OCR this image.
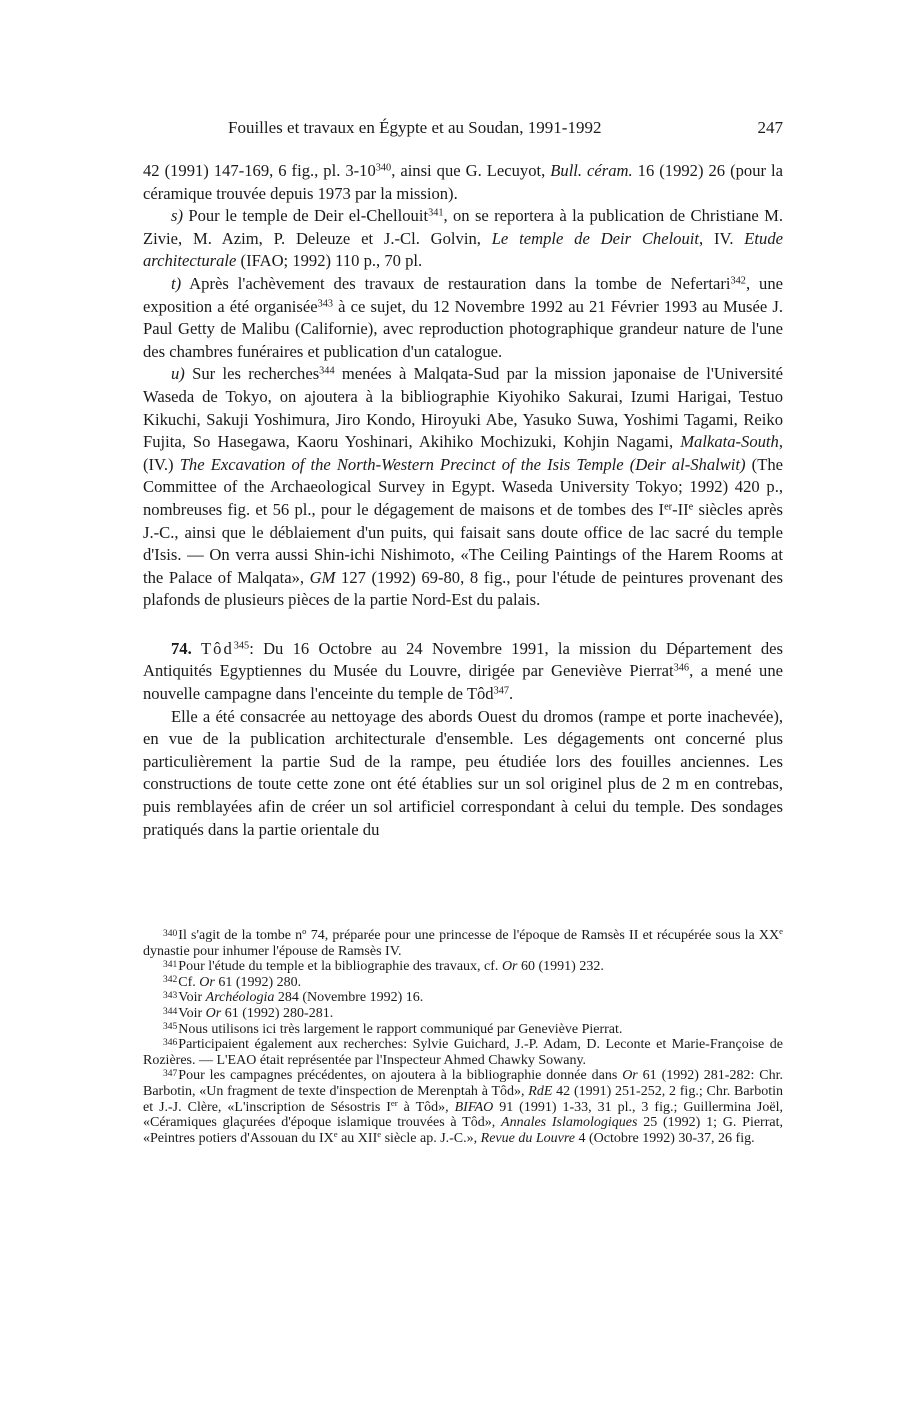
Fouilles et travaux en Égypte et au Soudan, 1991-1992	247

42 (1991) 147-169, 6 fig., pl. $3-10^{340}$, ainsi que G. Lecuyot, Bull. céram. 16 (1992) 26 (pour la céramique trouvée depuis 1973 par la mission).

s) Pour le temple de Deir el-Chellouit$^{341}$, on se reportera à la publication de Christiane M. Zivie, M. Azim, P. Deleuze et J.-Cl. Golvin, Le temple de Deir Chelouit, IV. Etude architecturale (IFAO; 1992) 110 p., 70 pl.

t) Après l'achèvement des travaux de restauration dans la tombe de Nefertari$^{342}$, une exposition a été organisée$^{343}$ à ce sujet, du 12 Novembre 1992 au 21 Février 1993 au Musée J. Paul Getty de Malibu (Californie), avec reproduction photographique grandeur nature de l'une des chambres funéraires et publication d'un catalogue.

u) Sur les recherches$^{344}$ menées à Malqata-Sud par la mission japonaise de l'Université Waseda de Tokyo, on ajoutera à la bibliographie Kiyohiko Sakurai, Izumi Harigai, Testuo Kikuchi, Sakuji Yoshimura, Jiro Kondo, Hiroyuki Abe, Yasuko Suwa, Yoshimi Tagami, Reiko Fujita, So Hasegawa, Kaoru Yoshinari, Akihiko Mochizuki, Kohjin Nagami, Malkata-South, (IV.) The Excavation of the North-Western Precinct of the Isis Temple (Deir al-Shalwit) (The Committee of the Archaeological Survey in Egypt. Waseda University Tokyo; 1992) 420 p., nombreuses fig. et 56 pl., pour le dégagement de maisons et de tombes des Ier-IIe siècles après J.-C., ainsi que le déblaiement d'un puits, qui faisait sans doute office de lac sacré du temple d'Isis. — On verra aussi Shin-ichi Nishimoto, «The Ceiling Paintings of the Harem Rooms at the Palace of Malqata», GM 127 (1992) 69-80, 8 fig., pour l'étude de peintures provenant des plafonds de plusieurs pièces de la partie Nord-Est du palais.

74. Tôd$^{345}$: Du 16 Octobre au 24 Novembre 1991, la mission du Département des Antiquités Egyptiennes du Musée du Louvre, dirigée par Geneviève Pierrat$^{346}$, a mené une nouvelle campagne dans l'enceinte du temple de Tôd$^{347}$.

Elle a été consacrée au nettoyage des abords Ouest du dromos (rampe et porte inachevée), en vue de la publication architecturale d'ensemble. Les dégagements ont concerné plus particulièrement la partie Sud de la rampe, peu étudiée lors des fouilles anciennes. Les constructions de toute cette zone ont été établies sur un sol originel plus de 2 m en contrebas, puis remblayées afin de créer un sol artificiel correspondant à celui du temple. Des sondages pratiqués dans la partie orientale du

$^{340}$Il s'agit de la tombe $n^o$ 74, préparée pour une princesse de l'époque de Ramsès II et récupérée sous la XXe dynastie pour inhumer l'épouse de Ramsès IV.

$^{341}$Pour l'étude du temple et la bibliographie des travaux, cf. Or 60 (1991) 232.

$^{342}$Cf. Or 61 (1992) 280.

$^{343}$Voir Archéologia 284 (Novembre 1992) 16.

$^{344}$Voir Or 61 (1992) 280-281.

$^{345}$Nous utilisons ici très largement le rapport communiqué par Geneviève Pierrat.

$^{346}$Participaient également aux recherches: Sylvie Guichard, J.-P. Adam, D. Leconte et Marie-Françoise de Rozières. — L'EAO était représentée par l'Inspecteur Ahmed Chawky Sowany.

$^{347}$Pour les campagnes précédentes, on ajoutera à la bibliographie donnée dans Or 61 (1992) 281-282: Chr. Barbotin, «Un fragment de texte d'inspection de Merenptah à Tôd», RdE 42 (1991) 251-252, 2 fig.; Chr. Barbotin et J.-J. Clère, «L'inscription de Sésostris Ier à Tôd», BIFAO 91 (1991) 1-33, 31 pl., 3 fig.; Guillermina Joël, «Céramiques glaçurées d'époque islamique trouvées à Tôd», Annales Islamologiques 25 (1992) 1; G. Pierrat, «Peintres potiers d'Assouan du IXe au XIIe siècle ap. J.-C.», Revue du Louvre 4 (Octobre 1992) 30-37, 26 fig.
